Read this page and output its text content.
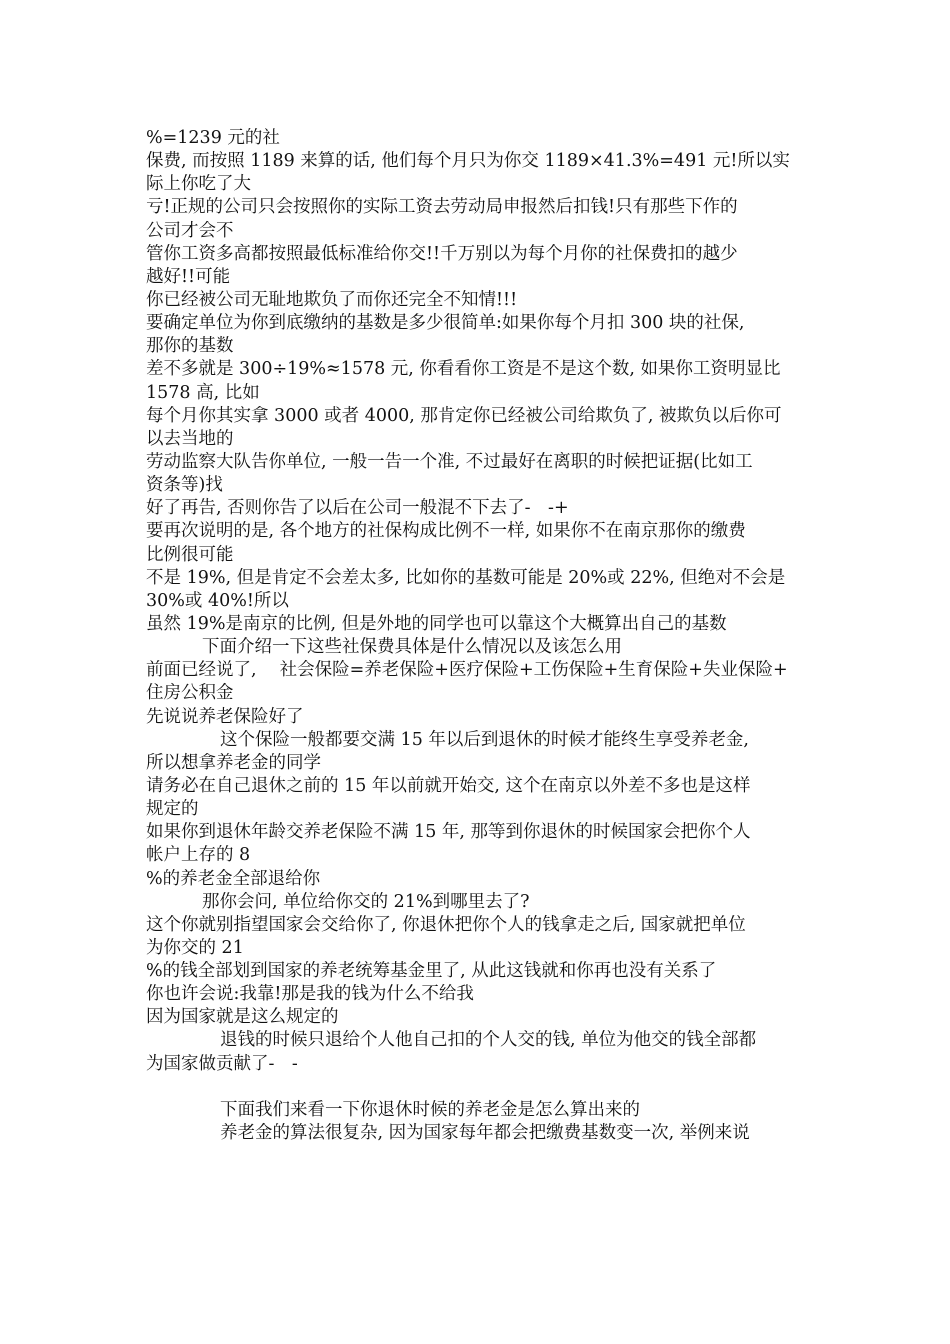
%=1239 元的社
保费, 而按照 1189 来算的话, 他们每个月只为你交 1189×41.3%=491 元!所以实
际上你吃了大
亏!正规的公司只会按照你的实际工资去劳动局申报然后扣钱!只有那些下作的
公司才会不
管你工资多高都按照最低标准给你交!!千万别以为每个月你的社保费扣的越少
越好!!可能
你已经被公司无耻地欺负了而你还完全不知情!!!
要确定单位为你到底缴纳的基数是多少很简单:如果你每个月扣 300 块的社保,
那你的基数
差不多就是 300÷19%≈1578 元, 你看看你工资是不是这个数, 如果你工资明显比
1578 高, 比如
每个月你其实拿 3000 或者 4000, 那肯定你已经被公司给欺负了, 被欺负以后你可
以去当地的
劳动监察大队告你单位, 一般一告一个准, 不过最好在离职的时候把证据(比如工
资条等)找
好了再告, 否则你告了以后在公司一般混不下去了-　-+
要再次说明的是, 各个地方的社保构成比例不一样, 如果你不在南京那你的缴费
比例很可能
不是 19%, 但是肯定不会差太多, 比如你的基数可能是 20%或 22%, 但绝对不会是
30%或 40%!所以
虽然 19%是南京的比例, 但是外地的同学也可以靠这个大概算出自己的基数
下面介绍一下这些社保费具体是什么情况以及该怎么用
前面已经说了,　 社会保险=养老保险+医疗保险+工伤保险+生育保险+失业保险+
住房公积金
先说说养老保险好了
这个保险一般都要交满 15 年以后到退休的时候才能终生享受养老金,
所以想拿养老金的同学
请务必在自己退休之前的 15 年以前就开始交, 这个在南京以外差不多也是这样
规定的
如果你到退休年龄交养老保险不满 15 年, 那等到你退休的时候国家会把你个人
帐户上存的 8
%的养老金全部退给你
那你会问, 单位给你交的 21%到哪里去了?
这个你就别指望国家会交给你了, 你退休把你个人的钱拿走之后, 国家就把单位
为你交的 21
%的钱全部划到国家的养老统筹基金里了, 从此这钱就和你再也没有关系了
你也许会说:我靠!那是我的钱为什么不给我
因为国家就是这么规定的
退钱的时候只退给个人他自己扣的个人交的钱, 单位为他交的钱全部都
为国家做贡献了-　-
下面我们来看一下你退休时候的养老金是怎么算出来的
养老金的算法很复杂, 因为国家每年都会把缴费基数变一次, 举例来说
